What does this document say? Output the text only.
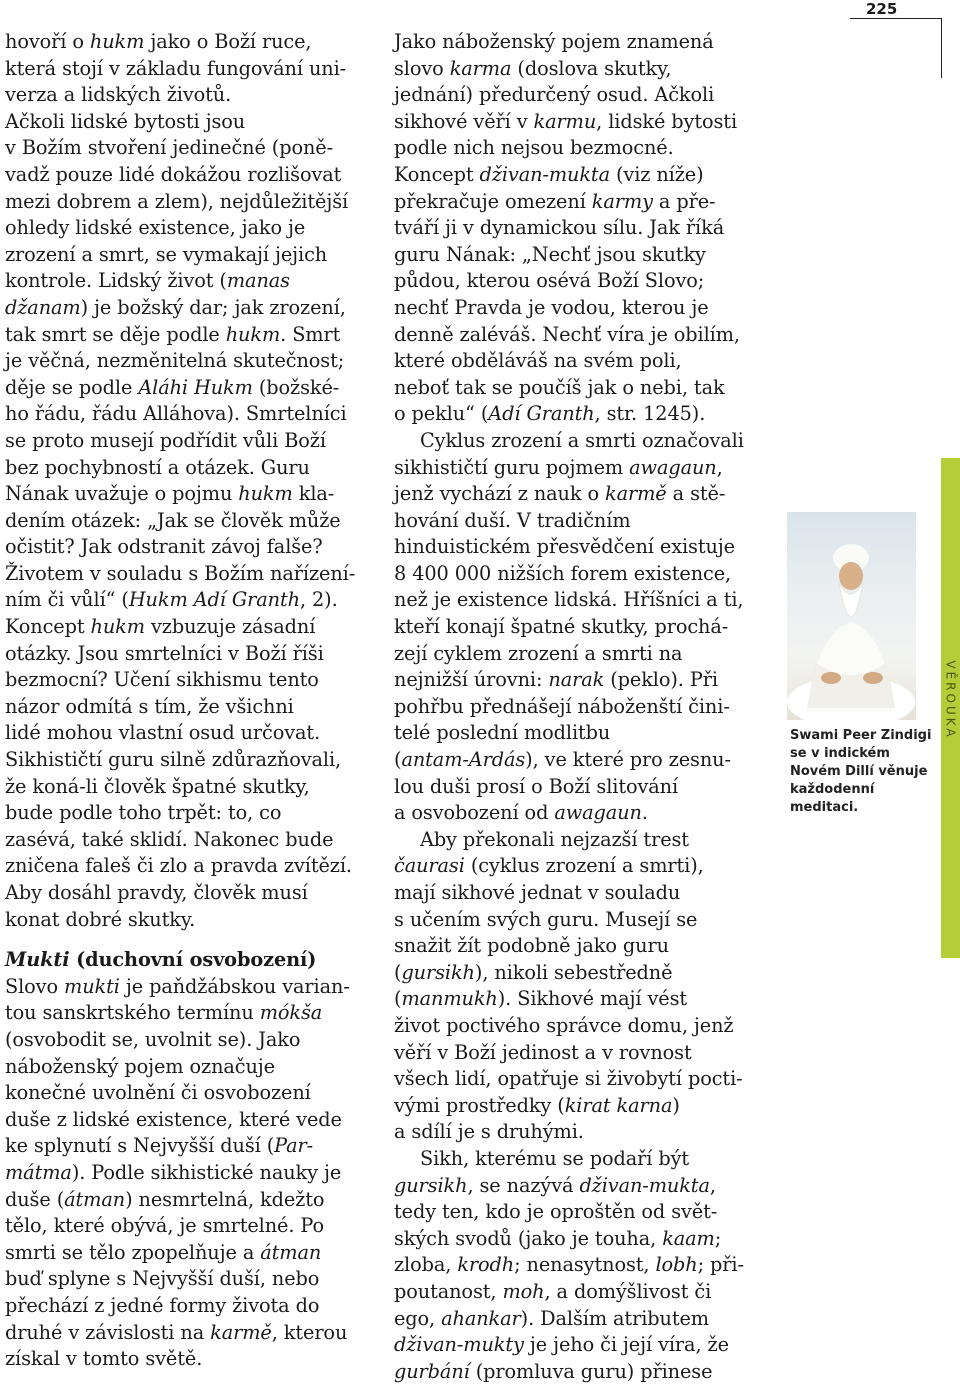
225
hovoří o hukm jako o Boží ruce,
která stojí v základu fungování uni-
verza a lidských životů.
Ačkoli lidské bytosti jsou
v Božím stvoření jedinečné (poně-
vadž pouze lidé dokážou rozlišovat
mezi dobrem a zlem), nejdůležitější
ohledy lidské existence, jako je
zrození a smrt, se vymakají jejich
kontrole. Lidský život (manas
džanam) je božský dar; jak zrození,
tak smrt se děje podle hukm. Smrt
je věčná, nezměnitelná skutečnost;
děje se podle Aláhi Hukm (božské-
ho řádu, řádu Alláhova). Smrtelníci
se proto musejí podřídit vůli Boží
bez pochybností a otázek. Guru
Nának uvažuje o pojmu hukm kla-
dením otázek: „Jak se člověk může
očistit? Jak odstranit závoj falše?
Životem v souladu s Božím nařízení-
ním či vůlí“ (Hukm Adí Granth, 2).
Koncept hukm vzbuzuje zásadní
otázky. Jsou smrtelníci v Boží říši
bezmocní? Učení sikhismu tento
názor odmítá s tím, že všichni
lidé mohou vlastní osud určovat.
Sikhističtí guru silně zdůrazňovali,
že koná-li člověk špatné skutky,
bude podle toho trpět: to, co
zasévá, také sklidí. Nakonec bude
zničena faleš či zlo a pravda zvítězí.
Aby dosáhl pravdy, člověk musí
konat dobré skutky.
Mukti (duchovní osvobození)
Slovo mukti je paňdžábskou varian-
tou sanskrtského termínu mókša
(osvobodit se, uvolnit se). Jako
náboženský pojem označuje
konečné uvolnění či osvobození
duše z lidské existence, které vede
ke splynutí s Nejvyšší duší (Par-
mátma). Podle sikhistické nauky je
duše (átman) nesmrtelná, kdežto
tělo, které obývá, je smrtelné. Po
smrti se tělo zpopelňuje a átman
buď splyne s Nejvyšší duší, nebo
přechází z jedné formy života do
druhé v závislosti na karmě, kterou
získal v tomto světě.
Jako náboženský pojem znamená
slovo karma (doslova skutky,
jednání) předurčený osud. Ačkoli
sikhové věří v karmu, lidské bytosti
podle nich nejsou bezmocné.
Koncept dživan-mukta (viz níže)
překračuje omezení karmy a pře-
tváří ji v dynamickou sílu. Jak říká
guru Nának: „Nechť jsou skutky
půdou, kterou osévá Boží Slovo;
nechť Pravda je vodou, kterou je
denně zaléváš. Nechť víra je obilím,
které obděláváš na svém poli,
neboť tak se poučíš jak o nebi, tak
o peklu“ (Adí Granth, str. 1245).
Cyklus zrození a smrti označovali
sikhističtí guru pojmem awagaun,
jenž vychází z nauk o karmě a stě-
hování duší. V tradičním
hinduistickém přesvědčení existuje
8 400 000 nižších forem existence,
než je existence lidská. Hříšníci a ti,
kteří konají špatné skutky, prochá-
zejí cyklem zrození a smrti na
nejnižší úrovni: narak (peklo). Při
pohřbu přednášejí náboženští čini-
telé poslední modlitbu
(antam-Ardás), ve které pro zesnu-
lou duši prosí o Boží slitování
a osvobození od awagaun.
Aby překonali nejzazší trest
čaurasi (cyklus zrození a smrti),
mají sikhové jednat v souladu
s učením svých guru. Musejí se
snažit žít podobně jako guru
(gursikh), nikoli sebestředně
(manmukh). Sikhové mají vést
život poctivého správce domu, jenž
věří v Boží jedinost a v rovnost
všech lidí, opatřuje si živobytí pocti-
vými prostředky (kirat karna)
a sdílí je s druhými.
Sikh, kterému se podaří být
gursikh, se nazývá dživan-mukta,
tedy ten, kdo je oproštěn od svět-
ských svodů (jako je touha, kaam;
zloba, krodh; nenasytnost, lobh; při-
poutanost, moh, a domýšlivost či
ego, ahankar). Dalším atributem
dživan-mukty je jeho či její víra, že
gurbání (promluva guru) přinese
Swami Peer Zindigi
se v indickém
Novém Dillí věnuje
každodenní
meditaci.
VĚROUKA
